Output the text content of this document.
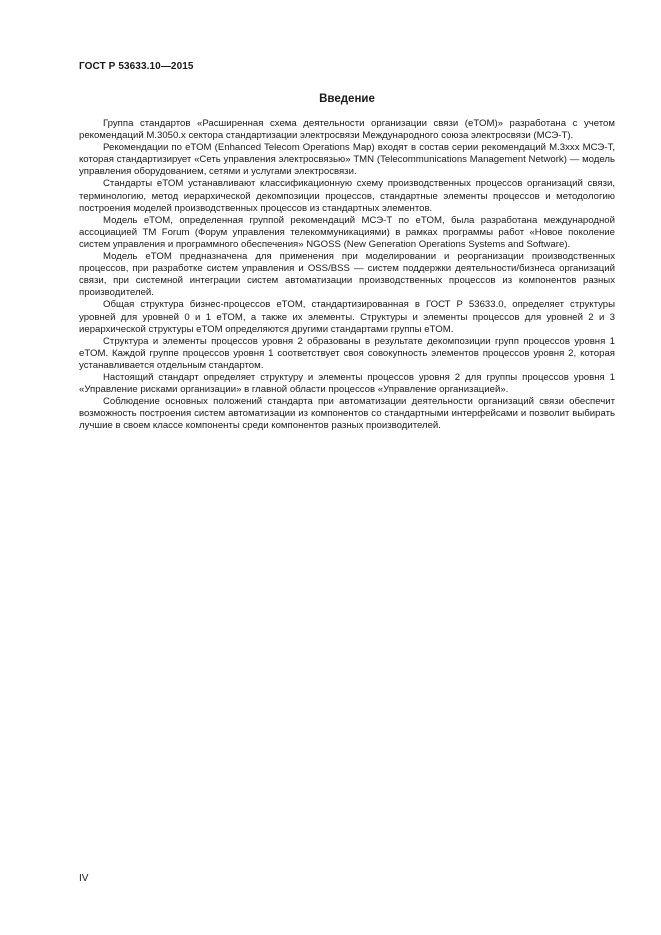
ГОСТ Р 53633.10—2015
Введение

Группа стандартов «Расширенная схема деятельности организации связи (eTOM)» разработана с учетом рекомендаций M.3050.x сектора стандартизации электросвязи Международного союза электросвязи (МСЭ-Т).

Рекомендации по eTOM (Enhanced Telecom Operations Map) входят в состав серии рекомендаций M.3xxx МСЭ-Т, которая стандартизирует «Сеть управления электросвязью» TMN (Telecommunications Management Network) — модель управления оборудованием, сетями и услугами электросвязи.

Стандарты eTOM устанавливают классификационную схему производственных процессов организаций связи, терминологию, метод иерархической декомпозиции процессов, стандартные элементы процессов и методологию построения моделей производственных процессов из стандартных элементов.

Модель eTOM, определенная группой рекомендаций МСЭ-Т по eTOM, была разработана международной ассоциацией TM Forum (Форум управления телекоммуникациями) в рамках программы работ «Новое поколение систем управления и программного обеспечения» NGOSS (New Generation Operations Systems and Software).

Модель eTOM предназначена для применения при моделировании и реорганизации производственных процессов, при разработке систем управления и OSS/BSS — систем поддержки деятельности/бизнеса организаций связи, при системной интеграции систем автоматизации производственных процессов из компонентов разных производителей.

Общая структура бизнес-процессов eTOM, стандартизированная в ГОСТ Р 53633.0, определяет структуры уровней для уровней 0 и 1 eTOM, а также их элементы. Структуры и элементы процессов для уровней 2 и 3 иерархической структуры eTOM определяются другими стандартами группы eTOM.

Структура и элементы процессов уровня 2 образованы в результате декомпозиции групп процессов уровня 1 eTOM. Каждой группе процессов уровня 1 соответствует своя совокупность элементов процессов уровня 2, которая устанавливается отдельным стандартом.

Настоящий стандарт определяет структуру и элементы процессов уровня 2 для группы процессов уровня 1 «Управление рисками организации» в главной области процессов «Управление организацией».

Соблюдение основных положений стандарта при автоматизации деятельности организаций связи обеспечит возможность построения систем автоматизации из компонентов со стандартными интерфейсами и позволит выбирать лучшие в своем классе компоненты среди компонентов разных производителей.

IV
